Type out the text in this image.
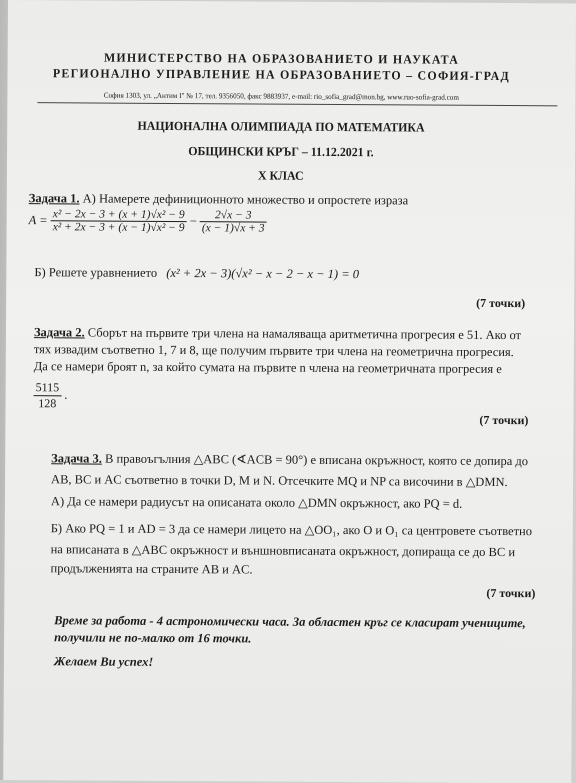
МИНИСТЕРСТВО НА ОБРАЗОВАНИЕТО И НАУКАТА
РЕГИОНАЛНО УПРАВЛЕНИЕ НА ОБРАЗОВАНИЕТО – СОФИЯ-ГРАД
София 1303, ул. „Антим I" № 17, тел. 9356050, факс 9883937, e-mail: rio_sofia_grad@mon.bg, www.ruo-sofia-grad.com
НАЦИОНАЛНА ОЛИМПИАДА ПО МАТЕМАТИКА
ОБЩИНСКИ КРЪГ – 11.12.2021 г.
X КЛАС
Задача 1. А) Намерете дефиниционното множество и опростете израза
$A = \frac{\text{x² − 2x − 3 + (x + 1)√x² − 9}}{\text{x² + 2x − 3 + (x − 1)√x² − 9}} - \frac{2√x - 3}{(x - 1)√x + 3}$
Б) Решете уравнението (x² + 2x − 3)(√x² − x − 2 − x − 1) = 0
(7 точки)
Задача 2. Сборът на първите три члена на намаляваща аритметична прогресия е 51. Ако от
тях извадим съответно 1, 7 и 8, ще получим първите три члена на геометрична прогресия.
Да се намери броят n, за който сумата на първите n члена на геометричната прогресия е
$\frac{5115}{128}$ .
(7 точки)
Задача 3. В правоъгълния △ABC (∢ACB = 90°) е вписана окръжност, която се допира до
AB, BC и AC съответно в точки D, M и N. Отсечките MQ и NP са височини в △DMN.
А) Да се намери радиусът на описаната около △DMN окръжност, ако PQ = d.
Б) Ако PQ = 1 и AD = 3 да се намери лицето на △OO₁, ако O и O₁ са центровете съответно
на вписаната в △ABC окръжност и външновписаната окръжност, допираща се до BC и
продълженията на страните AB и AC.
(7 точки)
Време за работа - 4 астрономически часа. За областен кръг се класират учениците,
получили не по-малко от 16 точки.
Желаем Ви успех!
